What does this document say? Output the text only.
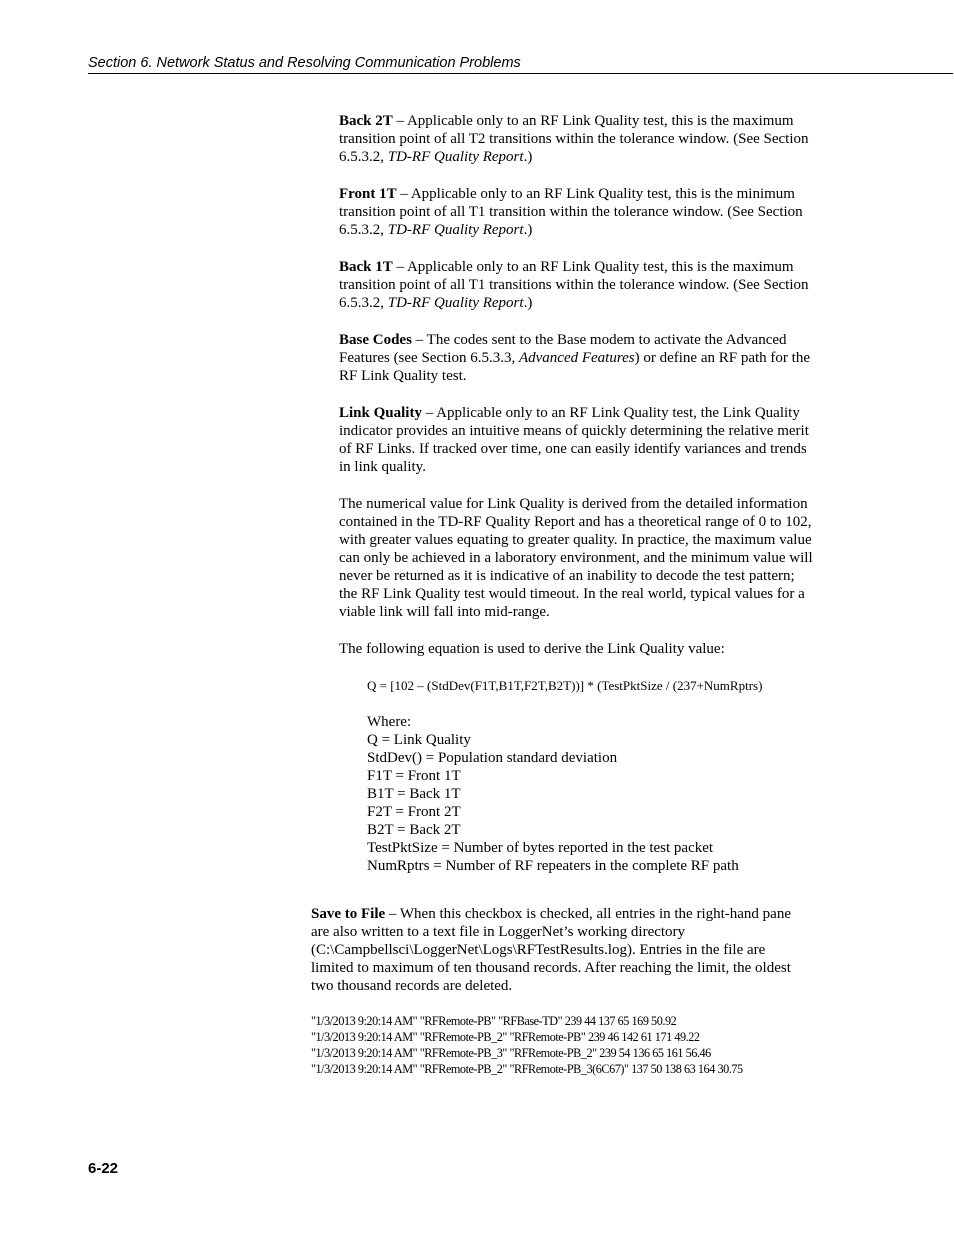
Section 6. Network Status and Resolving Communication Problems

Back 2T – Applicable only to an RF Link Quality test, this is the maximum transition point of all T2 transitions within the tolerance window. (See Section 6.5.3.2, TD-RF Quality Report.)

Front 1T – Applicable only to an RF Link Quality test, this is the minimum transition point of all T1 transition within the tolerance window. (See Section 6.5.3.2, TD-RF Quality Report.)

Back 1T – Applicable only to an RF Link Quality test, this is the maximum transition point of all T1 transitions within the tolerance window. (See Section 6.5.3.2, TD-RF Quality Report.)

Base Codes – The codes sent to the Base modem to activate the Advanced Features (see Section 6.5.3.3, Advanced Features) or define an RF path for the RF Link Quality test.

Link Quality – Applicable only to an RF Link Quality test, the Link Quality indicator provides an intuitive means of quickly determining the relative merit of RF Links. If tracked over time, one can easily identify variances and trends in link quality.

The numerical value for Link Quality is derived from the detailed information contained in the TD-RF Quality Report and has a theoretical range of 0 to 102, with greater values equating to greater quality. In practice, the maximum value can only be achieved in a laboratory environment, and the minimum value will never be returned as it is indicative of an inability to decode the test pattern; the RF Link Quality test would timeout. In the real world, typical values for a viable link will fall into mid-range.

The following equation is used to derive the Link Quality value:

Q = [102 – (StdDev(F1T,B1T,F2T,B2T))] * (TestPktSize / (237+NumRptrs)
Where:
Q = Link Quality
StdDev() = Population standard deviation
F1T = Front 1T
B1T = Back 1T
F2T = Front 2T
B2T = Back 2T
TestPktSize = Number of bytes reported in the test packet
NumRptrs = Number of RF repeaters in the complete RF path

Save to File – When this checkbox is checked, all entries in the right-hand pane are also written to a text file in LoggerNet’s working directory (C:\Campbellsci\LoggerNet\Logs\RFTestResults.log). Entries in the file are limited to maximum of ten thousand records. After reaching the limit, the oldest two thousand records are deleted.

"1/3/2013 9:20:14 AM" "RFRemote-PB" "RFBase-TD" 239 44 137 65 169 50.92
"1/3/2013 9:20:14 AM" "RFRemote-PB_2" "RFRemote-PB" 239 46 142 61 171 49.22
"1/3/2013 9:20:14 AM" "RFRemote-PB_3" "RFRemote-PB_2" 239 54 136 65 161 56.46
"1/3/2013 9:20:14 AM" "RFRemote-PB_2" "RFRemote-PB_3(6C67)" 137 50 138 63 164 30.75
6-22
